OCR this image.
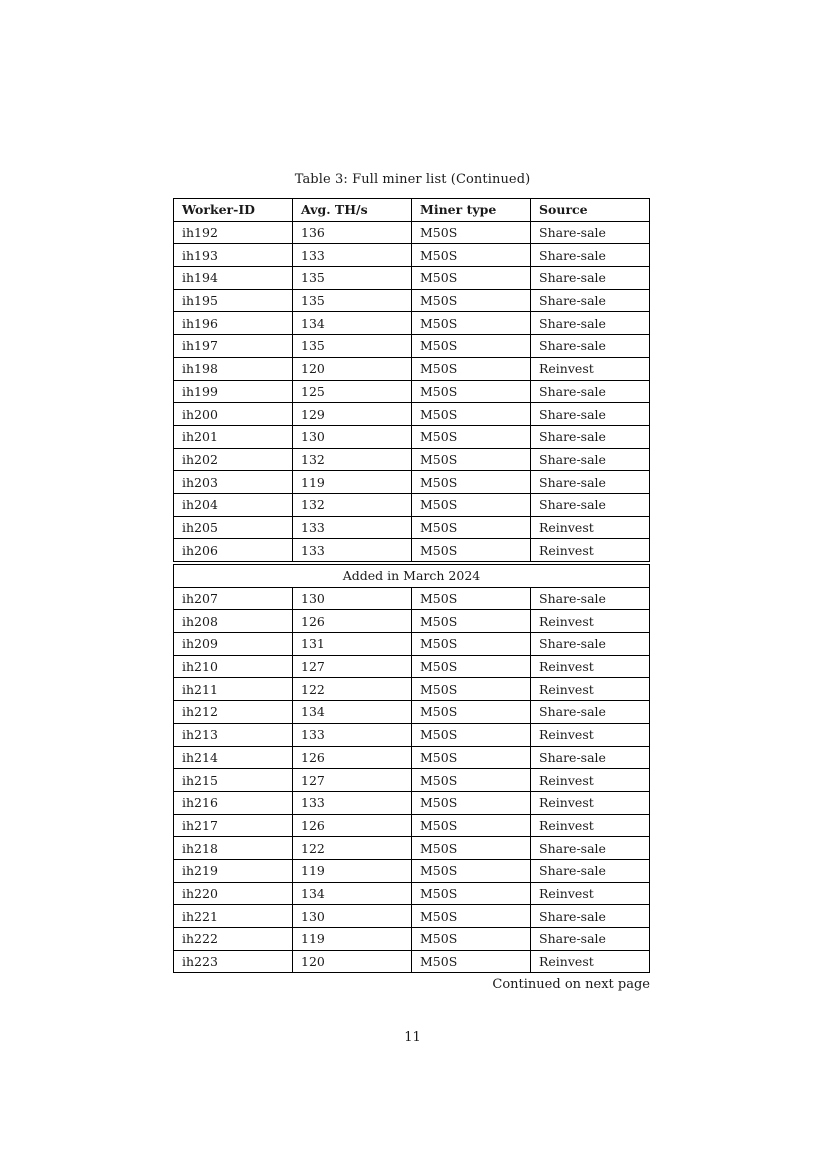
Table 3: Full miner list (Continued)
Worker-ID	Avg. TH/s	Miner type	Source
ih192	136	M50S	Share-sale
ih193	133	M50S	Share-sale
ih194	135	M50S	Share-sale
ih195	135	M50S	Share-sale
ih196	134	M50S	Share-sale
ih197	135	M50S	Share-sale
ih198	120	M50S	Reinvest
ih199	125	M50S	Share-sale
ih200	129	M50S	Share-sale
ih201	130	M50S	Share-sale
ih202	132	M50S	Share-sale
ih203	119	M50S	Share-sale
ih204	132	M50S	Share-sale
ih205	133	M50S	Reinvest
ih206	133	M50S	Reinvest
Added in March 2024			
ih207	130	M50S	Share-sale
ih208	126	M50S	Reinvest
ih209	131	M50S	Share-sale
ih210	127	M50S	Reinvest
ih211	122	M50S	Reinvest
ih212	134	M50S	Share-sale
ih213	133	M50S	Reinvest
ih214	126	M50S	Share-sale
ih215	127	M50S	Reinvest
ih216	133	M50S	Reinvest
ih217	126	M50S	Reinvest
ih218	122	M50S	Share-sale
ih219	119	M50S	Share-sale
ih220	134	M50S	Reinvest
ih221	130	M50S	Share-sale
ih222	119	M50S	Share-sale
ih223	120	M50S	Reinvest
Continued on next page
11
